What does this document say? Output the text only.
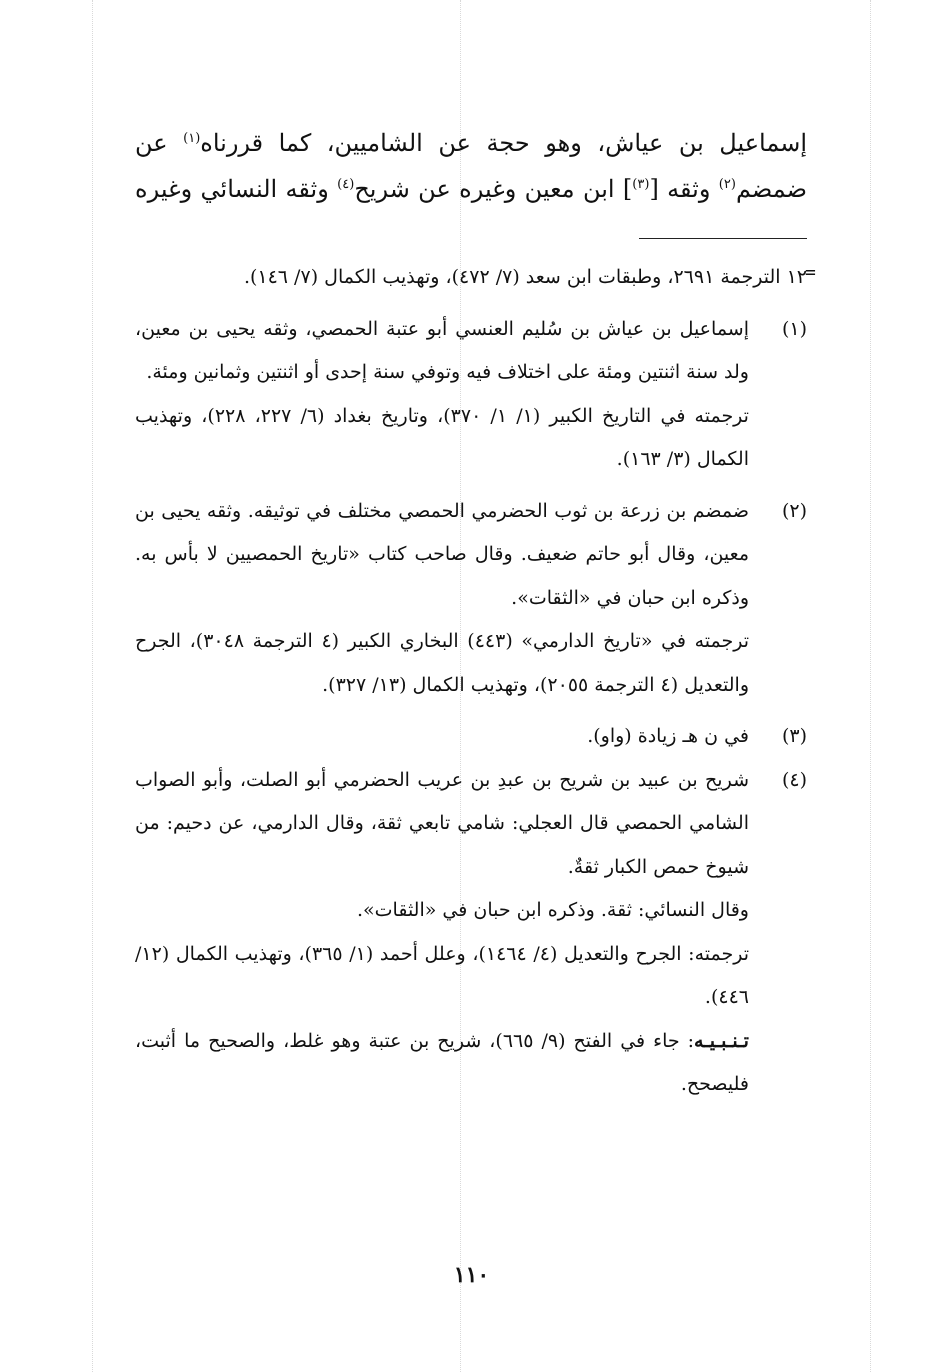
إسماعيل بن عياش، وهو حجة عن الشاميين، كما قررناه$^{(١)}$ عن

ضمضم$^{(٢)}$ وثقه [$^{(٣)}$] ابن معين وغيره عن شريح$^{(٤)}$ وثقه النسائي وغيره

=

١٢ الترجمة ٢٦٩١، وطبقات ابن سعد (٧/ ٤٧٢)، وتهذيب الكمال (٧/ ١٤٦).

(١)

إسماعيل بن عياش بن سُليم العنسي أبو عتبة الحمصي، وثقه يحيى بن معين، ولد سنة اثنتين ومئة على اختلاف فيه وتوفي سنة إحدى أو اثنتين وثمانين ومئة.

ترجمته في التاريخ الكبير (١/ ١/ ٣٧٠)، وتاريخ بغداد (٦/ ٢٢٧، ٢٢٨)، وتهذيب الكمال (٣/ ١٦٣).

(٢)

ضمضم بن زرعة بن ثوب الحضرمي الحمصي مختلف في توثيقه. وثقه يحيى بن معين، وقال أبو حاتم ضعيف. وقال صاحب كتاب «تاريخ الحمصيين لا بأس به. وذكره ابن حبان في «الثقات».

ترجمته في «تاريخ الدارمي» (٤٤٣) البخاري الكبير (٤ الترجمة ٣٠٤٨)، الجرح والتعديل (٤ الترجمة ٢٠٥٥)، وتهذيب الكمال (١٣/ ٣٢٧).

(٣)

في ن هـ زيادة (واو).

(٤)

شريح بن عبيد بن شريح بن عبدِ بن عريب الحضرمي أبو الصلت، وأبو الصواب الشامي الحمصي قال العجلي: شامي تابعي ثقة، وقال الدارمي، عن دحيم: من شيوخ حمص الكبار ثقةٌ.

وقال النسائي: ثقة. وذكره ابن حبان في «الثقات».

ترجمته: الجرح والتعديل (٤/ ١٤٦٤)، وعلل أحمد (١/ ٣٦٥)، وتهذيب الكمال (١٢/ ٤٤٦).

تـنـبـيـه: جاء في الفتح (٩/ ٦٦٥)، شريح بن عتبة وهو غلط، والصحيح ما أثبت، فليصحح.

١١٠
